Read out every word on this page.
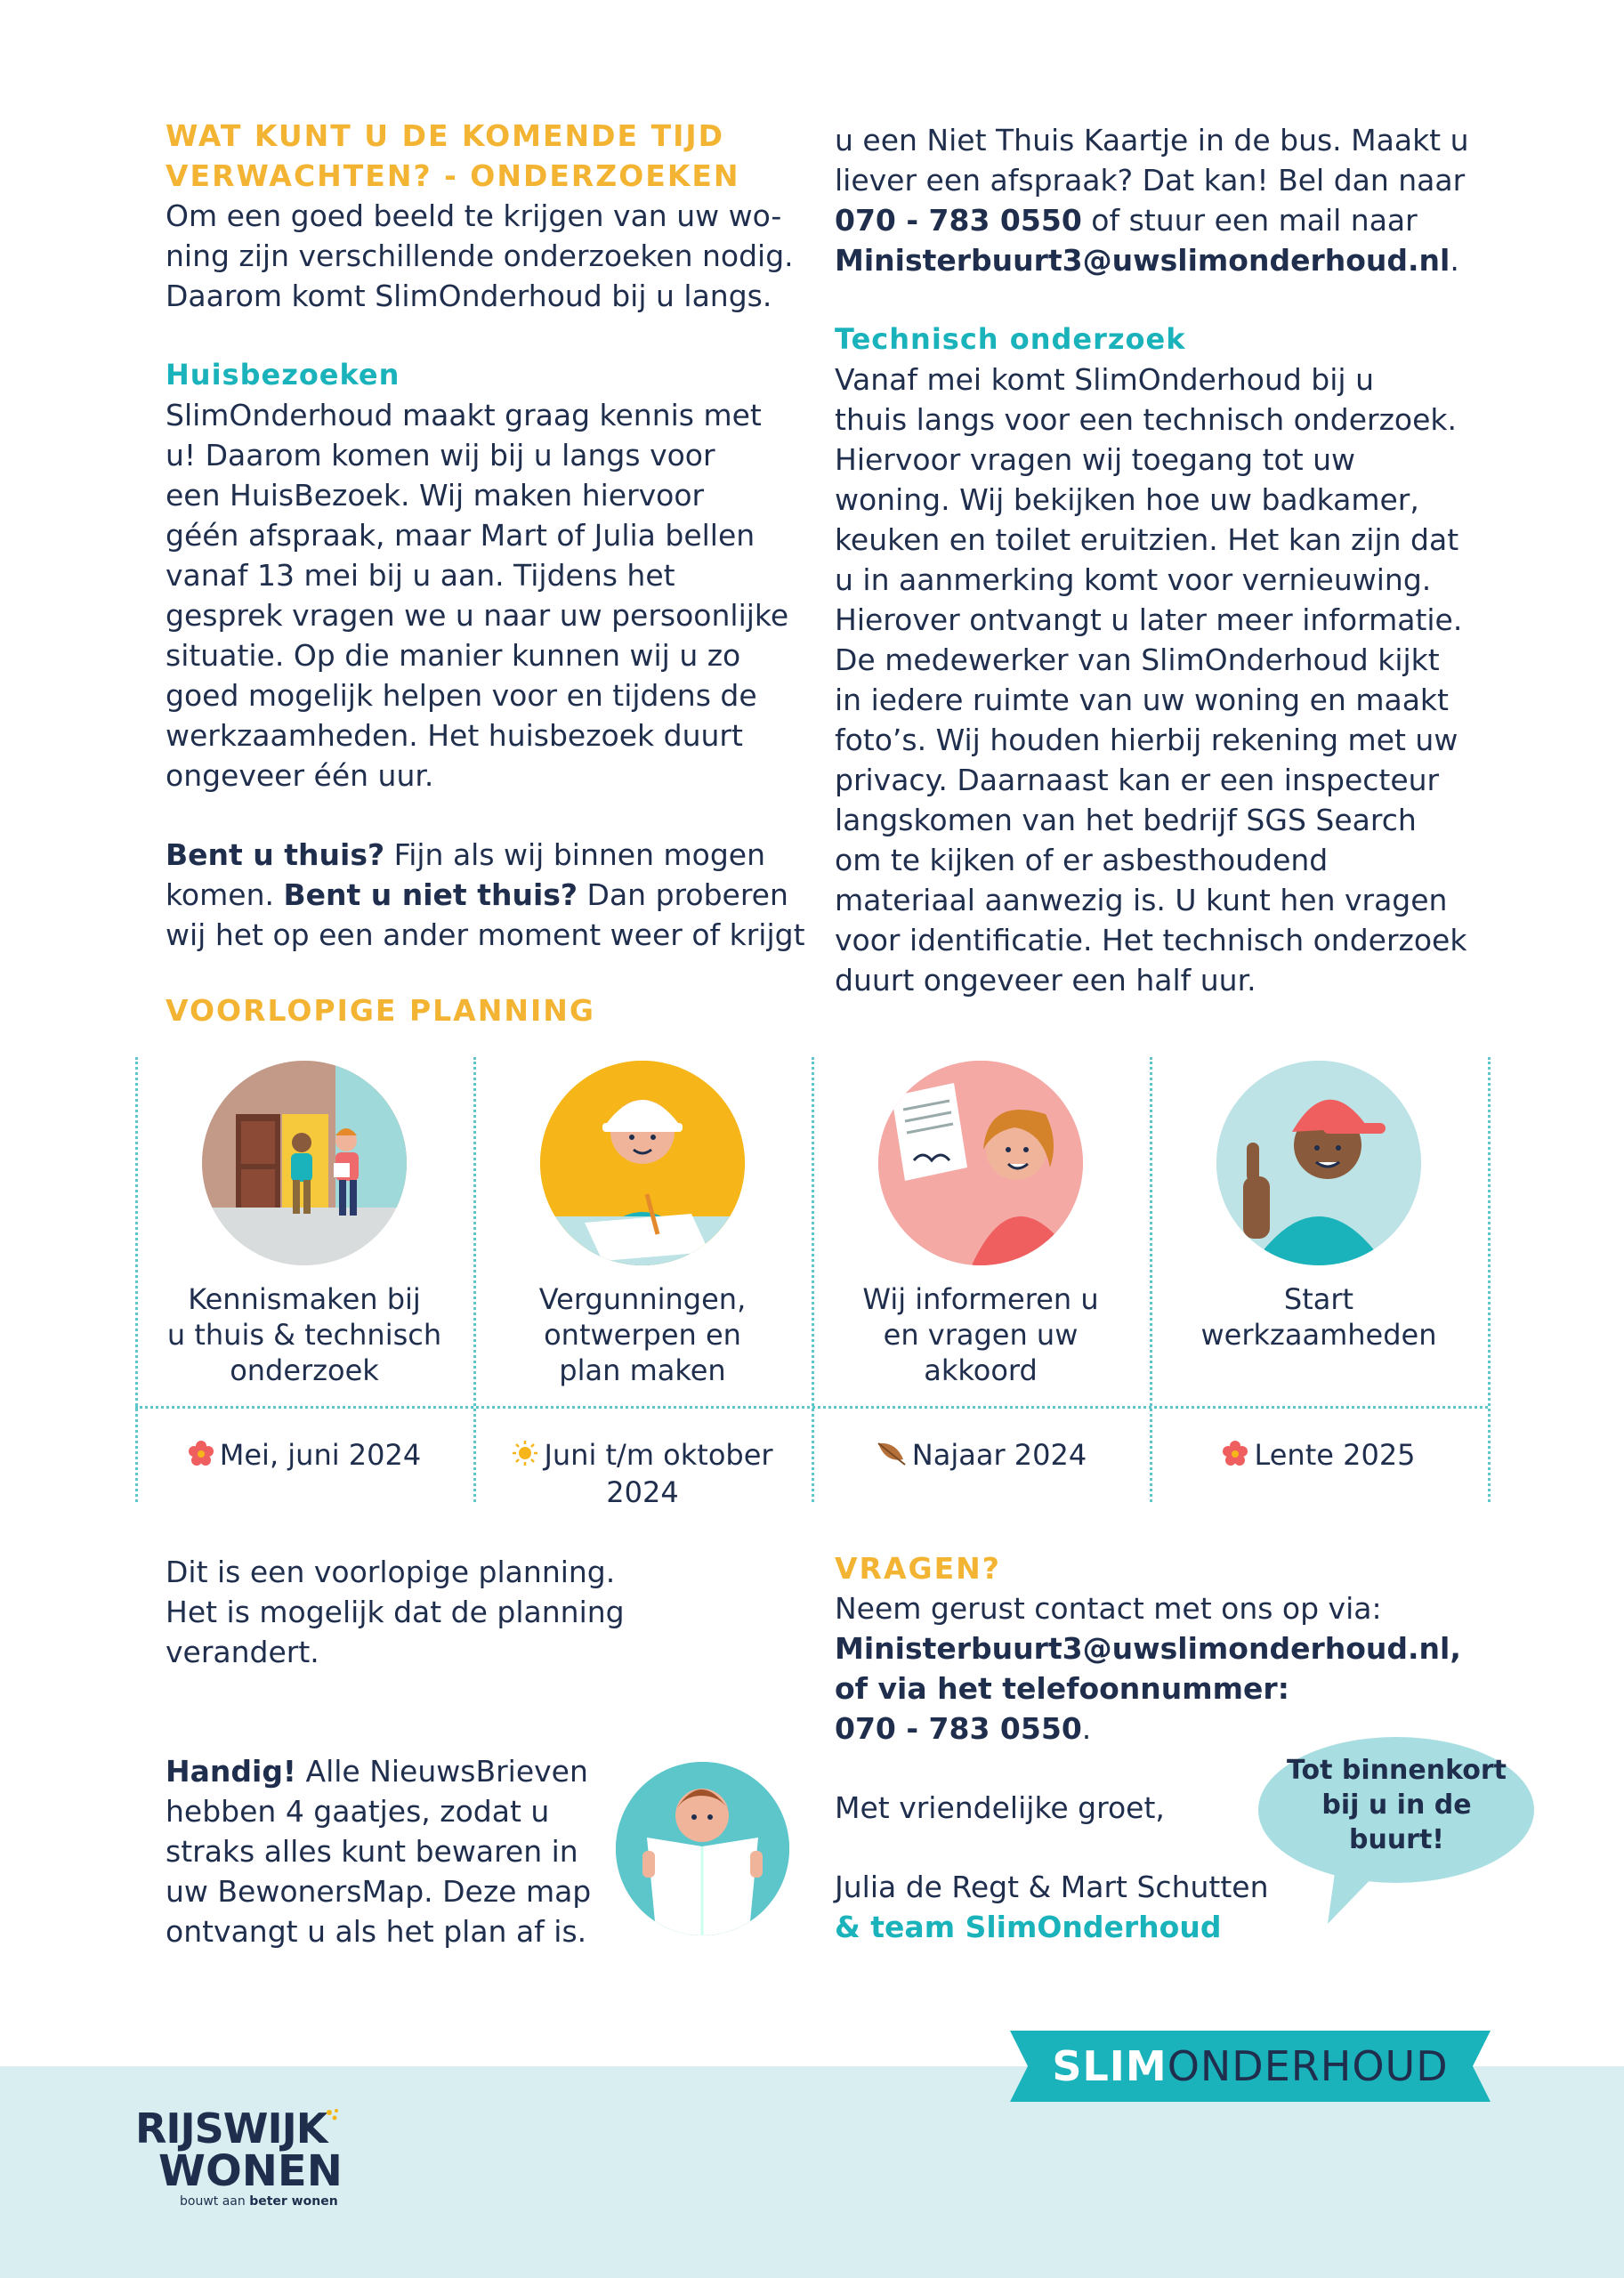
WAT KUNT U DE KOMENDE TIJD

VERWACHTEN? - ONDERZOEKEN

Om een goed beeld te krijgen van uw wo-

ning zijn verschillende onderzoeken nodig.

Daarom komt SlimOnderhoud bij u langs.

Huisbezoeken

SlimOnderhoud maakt graag kennis met

u! Daarom komen wij bij u langs voor

een HuisBezoek. Wij maken hiervoor

géén afspraak, maar Mart of Julia bellen

vanaf 13 mei bij u aan. Tijdens het

gesprek vragen we u naar uw persoonlijke

situatie. Op die manier kunnen wij u zo

goed mogelijk helpen voor en tijdens de

werkzaamheden. Het huisbezoek duurt

ongeveer één uur.

Bent u thuis? Fijn als wij binnen mogen

komen. Bent u niet thuis? Dan proberen

wij het op een ander moment weer of krijgt

u een Niet Thuis Kaartje in de bus. Maakt u

liever een afspraak? Dat kan! Bel dan naar

070 - 783 0550 of stuur een mail naar

Ministerbuurt3@uwslimonderhoud.nl.

Technisch onderzoek

Vanaf mei komt SlimOnderhoud bij u

thuis langs voor een technisch onderzoek.

Hiervoor vragen wij toegang tot uw

woning. Wij bekijken hoe uw badkamer,

keuken en toilet eruitzien. Het kan zijn dat

u in aanmerking komt voor vernieuwing.

Hierover ontvangt u later meer informatie.

De medewerker van SlimOnderhoud kijkt

in iedere ruimte van uw woning en maakt

foto’s. Wij houden hierbij rekening met uw

privacy. Daarnaast kan er een inspecteur

langskomen van het bedrijf SGS Search

om te kijken of er asbesthoudend

materiaal aanwezig is. U kunt hen vragen

voor identificatie. Het technisch onderzoek

duurt ongeveer een half uur.

VOORLOPIGE PLANNING

Kennismaken bij
u thuis & technisch
onderzoek
Vergunningen,
ontwerpen en
plan maken
Wij informeren u
en vragen uw
akkoord
Start
werkzaamheden
Mei, juni 2024	Juni t/m oktober
2024
Najaar 2024	Lente 2025

Dit is een voorlopige planning.

Het is mogelijk dat de planning

verandert.

Handig! Alle NieuwsBrieven

hebben 4 gaatjes, zodat u

straks alles kunt bewaren in

uw BewonersMap. Deze map

ontvangt u als het plan af is.

VRAGEN?

Neem gerust contact met ons op via:

Ministerbuurt3@uwslimonderhoud.nl,

of via het telefoonnummer:

070 - 783 0550.

Met vriendelijke groet,

Julia de Regt & Mart Schutten

& team SlimOnderhoud

Tot binnenkort
bij u in de
buurt!
SLIMONDERHOUD
RIJSWIJK
WONEN
bouwt aan beter wonen
